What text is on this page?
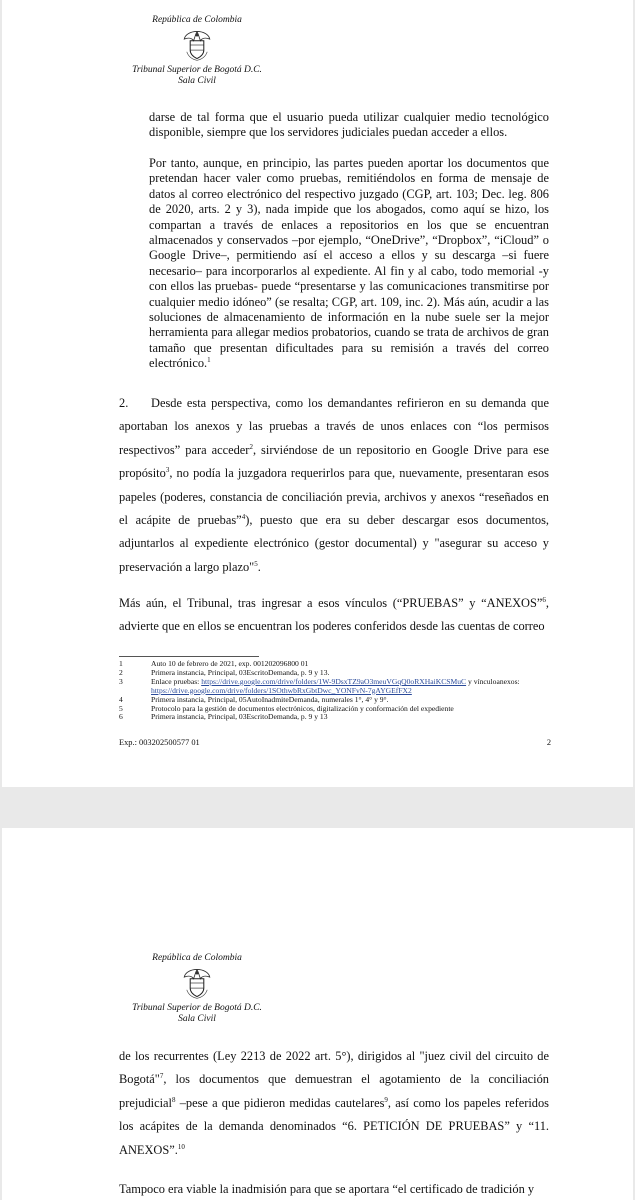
República de Colombia
Tribunal Superior de Bogotá D.C.
Sala Civil
darse de tal forma que el usuario pueda utilizar cualquier medio tecnológico disponible, siempre que los servidores judiciales puedan acceder a ellos.
Por tanto, aunque, en principio, las partes pueden aportar los documentos que pretendan hacer valer como pruebas, remitiéndolos en forma de mensaje de datos al correo electrónico del respectivo juzgado (CGP, art. 103; Dec. leg. 806 de 2020, arts. 2 y 3), nada impide que los abogados, como aquí se hizo, los compartan a través de enlaces a repositorios en los que se encuentran almacenados y conservados –por ejemplo, “OneDrive”, “Dropbox”, “iCloud” o Google Drive–, permitiendo así el acceso a ellos y su descarga –si fuere necesario– para incorporarlos al expediente. Al fin y al cabo, todo memorial -y con ellos las pruebas- puede “presentarse y las comunicaciones transmitirse por cualquier medio idóneo” (se resalta; CGP, art. 109, inc. 2). Más aún, acudir a las soluciones de almacenamiento de información en la nube suele ser la mejor herramienta para allegar medios probatorios, cuando se trata de archivos de gran tamaño que presentan dificultades para su remisión a través del correo electrónico.$^1$
2. Desde esta perspectiva, como los demandantes refirieron en su demanda que aportaban los anexos y las pruebas a través de unos enlaces con “los permisos respectivos” para acceder$^2$, sirviéndose de un repositorio en Google Drive para ese propósito$^3$, no podía la juzgadora requerirlos para que, nuevamente, presentaran esos papeles (poderes, constancia de conciliación previa, archivos y anexos “reseñados en el acápite de pruebas”$^4$), puesto que era su deber descargar esos documentos, adjuntarlos al expediente electrónico (gestor documental) y "asegurar su acceso y preservación a largo plazo"$^5$.
Más aún, el Tribunal, tras ingresar a esos vínculos (“PRUEBAS” y “ANEXOS”$^6$, advierte que en ellos se encuentran los poderes conferidos desde las cuentas de correo
1	Auto 10 de febrero de 2021, exp. 001202096800 01
2	Primera instancia, Principal, 03EscritoDemanda, p. 9 y 13.
3	Enlace pruebas: https://drive.google.com/drive/folders/1W-9DsxTZ9aO3meuVGqQ0oRXHaiKCSMuC y vínculoanexos: https://drive.google.com/drive/folders/1SOthwbRxGbtDwc_YONFvN-7gAYGEfFX2
4	Primera instancia, Principal, 05AutoInadmiteDemanda, numerales 1°, 4° y 9°.
5	Protocolo para la gestión de documentos electrónicos, digitalización y conformación del expediente
6	Primera instancia, Principal, 03EscritoDemanda, p. 9 y 13
Exp.: 003202500577 01	2
República de Colombia
Tribunal Superior de Bogotá D.C.
Sala Civil
de los recurrentes (Ley 2213 de 2022 art. 5°), dirigidos al "juez civil del circuito de Bogotá"$^7$, los documentos que demuestran el agotamiento de la conciliación prejudicial$^8$ –pese a que pidieron medidas cautelares$^9$, así como los papeles referidos los acápites de la demanda denominados “6. PETICIÓN DE PRUEBAS” y “11. ANEXOS”.$^{10}$
Tampoco era viable la inadmisión para que se aportara “el certificado de tradición y
